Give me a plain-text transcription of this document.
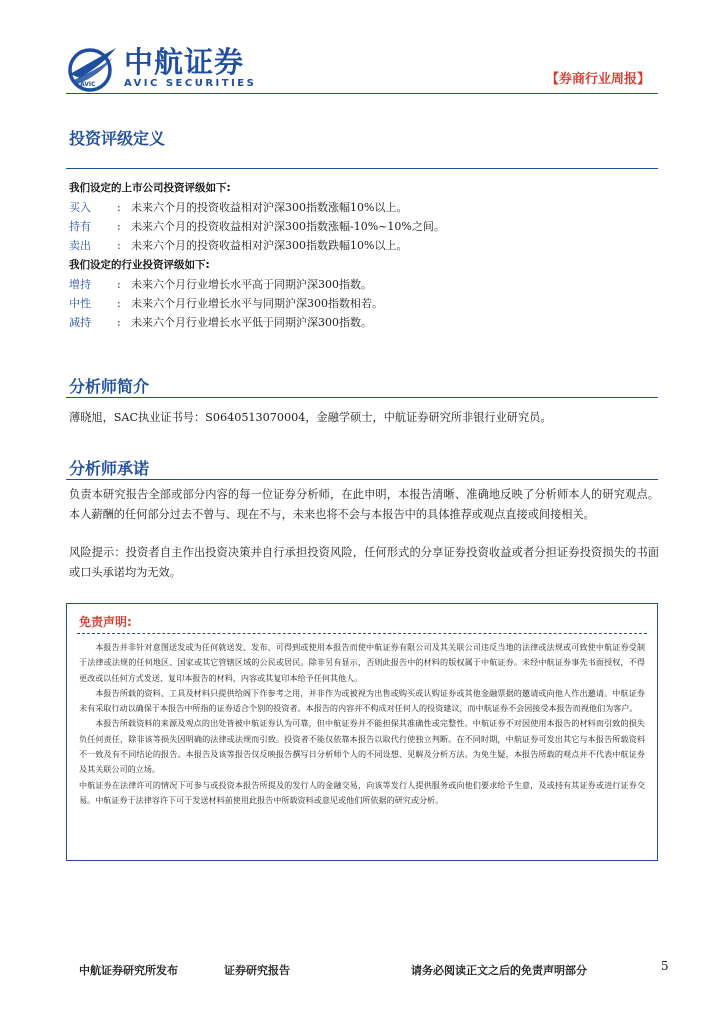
AVIC
中航证券
AVIC SECURITIES	【券商行业周报】
投资评级定义
我们设定的上市公司投资评级如下:
买入 : 未来六个月的投资收益相对沪深300指数涨幅10%以上。
持有 : 未来六个月的投资收益相对沪深300指数涨幅-10%~10%之间。
卖出 : 未来六个月的投资收益相对沪深300指数跌幅10%以上。
我们设定的行业投资评级如下:
增持 : 未来六个月行业增长水平高于同期沪深300指数。
中性 : 未来六个月行业增长水平与同期沪深300指数相若。
减持 : 未来六个月行业增长水平低于同期沪深300指数。
分析师简介
薄晓旭，SAC执业证书号：S0640513070004，金融学硕士，中航证券研究所非银行业研究员。
分析师承诺
负责本研究报告全部或部分内容的每一位证券分析师，在此申明，本报告清晰、准确地反映了分析师本人的研究观点。本人薪酬的任何部分过去不曾与、现在不与，未来也将不会与本报告中的具体推荐或观点直接或间接相关。
风险提示：投资者自主作出投资决策并自行承担投资风险，任何形式的分享证券投资收益或者分担证券投资损失的书面或口头承诺均为无效。
免责声明:

本报告并非针对意图送发或为任何就送发、发布、可得到或使用本报告而使中航证券有限公司及其关联公司违反当地的法律或法规或可致使中航证券受制于法律或法规的任何地区、国家或其它管辖区域的公民或居民。除非另有显示，否则此报告中的材料的版权属于中航证券。未经中航证券事先书面授权，不得更改或以任何方式发送、复印本报告的材料、内容或其复印本给予任何其他人。

本报告所载的资料、工具及材料只提供给阁下作参考之用，并非作为或被视为出售或购买或认购证券或其他金融票据的邀请或向他人作出邀请。中航证券未有采取行动以确保于本报告中所指的证券适合个别的投资者。本报告的内容并不构成对任何人的投资建议，而中航证券不会因接受本报告而视他们为客户。

本报告所载资料的来源及观点的出处皆被中航证券认为可靠，但中航证券并不能担保其准确性或完整性。中航证券不对因使用本报告的材料而引致的损失负任何责任，除非该等损失因明确的法律或法规而引致。投资者不能仅依靠本报告以取代行使独立判断。在不同时期，中航证券可发出其它与本报告所载资料不一致及有不同结论的报告。本报告及该等报告仅反映报告撰写日分析师个人的不同设想、见解及分析方法。为免生疑，本报告所载的观点并不代表中航证券及其关联公司的立场。

中航证券在法律许可的情况下可参与或投资本报告所提及的发行人的金融交易，向该等发行人提供服务或向他们要求给予生意，及或持有其证券或进行证券交易。中航证券于法律容许下可于发送材料前使用此报告中所载资料或意见或他们所依据的研究或分析。

中航证券研究所发布	证券研究报告	请务必阅读正文之后的免责声明部分	5
